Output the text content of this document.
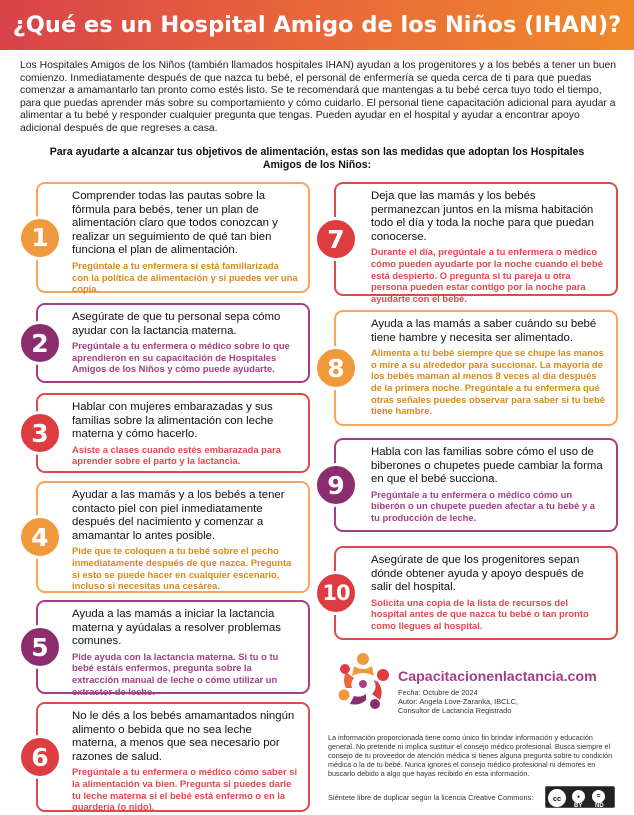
¿Qué es un Hospital Amigo de los Niños (IHAN)?

Los Hospitales Amigos de los Niños (también llamados hospitales IHAN) ayudan a los progenitores y a los bebés a tener un buen comienzo. Inmediatamente después de que nazca tu bebé, el personal de enfermería se queda cerca de ti para que puedas comenzar a amamantarlo tan pronto como estés listo. Se te recomendará que mantengas a tu bebé cerca tuyo todo el tiempo, para que puedas aprender más sobre su comportamiento y cómo cuidarlo. El personal tiene capacitación adicional para ayudar a alimentar a tu bebé y responder cualquier pregunta que tengas. Pueden ayudar en el hospital y ayudar a encontrar apoyo adicional después de que regreses a casa.

Para ayudarte a alcanzar tus objetivos de alimentación, estas son las medidas que adoptan los Hospitales Amigos de los Niños:

Comprender todas las pautas sobre la fórmula para bebés, tener un plan de alimentación claro que todos conozcan y realizar un seguimiento de qué tan bien funciona el plan de alimentación.
Pregúntale a tu enfermera si está familiarizada con la política de alimentación y si puedes ver una copia.
1
Asegúrate de que tu personal sepa cómo ayudar con la lactancia materna.
Pregúntale a tu enfermera o médico sobre lo que aprendieron en su capacitación de Hospitales Amigos de los Niños y cómo puede ayudarte.
2
Hablar con mujeres embarazadas y sus familias sobre la alimentación con leche materna y cómo hacerlo.
Asiste a clases cuando estés embarazada para aprender sobre el parto y la lactancia.
3
Ayudar a las mamás y a los bebés a tener contacto piel con piel inmediatamente después del nacimiento y comenzar a amamantar lo antes posible.
Pide que te coloquen a tu bebé sobre el pecho inmediatamente después de que nazca. Pregunta si esto se puede hacer en cualquier escenario, incluso si necesitas una cesárea.
4
Ayuda a las mamás a iniciar la lactancia materna y ayúdalas a resolver problemas comunes.
Pide ayuda con la lactancia materna. Si tu o tu bebé estáis enfermos, pregunta sobre la extracción manual de leche o cómo utilizar un extractor de leche.
5
No le dés a los bebés amamantados ningún alimento o bebida que no sea leche materna, a menos que sea necesario por razones de salud.
Pregúntale a tu enfermera o médico cómo saber si la alimentación va bien. Pregunta si puedes darle tu leche materna si el bebé está enfermo o en la guardería (o nido).
6
Deja que las mamás y los bebés permanezcan juntos en la misma habitación todo el día y toda la noche para que puedan conocerse.
Durante el día, pregúntale a tu enfermera o médico cómo pueden ayudarte por la noche cuando el bebé está despierto. O pregunta si tu pareja u otra persona pueden estar contigo por la noche para ayudarte con el bebé.
7
Ayuda a las mamás a saber cuándo su bebé tiene hambre y necesita ser alimentado.
Alimenta a tu bebé siempre que se chupe las manos o mire a su alrededor para succionar. La mayoría de los bebés maman al menos 8 veces al día después de la primera noche. Pregúntale a tu enfermera qué otras señales puedes observar para saber si tu bebé tiene hambre.
8
Habla con las familias sobre cómo el uso de biberones o chupetes puede cambiar la forma en que el bebé succiona.
Pregúntale a tu enfermera o médico cómo un biberón o un chupete pueden afectar a tu bebé y a tu producción de leche.
9
Asegúrate de que los progenitores sepan dónde obtener ayuda y apoyo después de salir del hospital.
Solicita una copia de la lista de recursos del hospital antes de que nazca tu bebé o tan pronto como llegues al hospital.
10
Capacitacionenlactancia.com
Fecha: Octubre de 2024
Autor: Angela Love-Zaranka, IBCLC,
Consultor de Lactancia Registrado

La información proporcionada tiene como único fin brindar información y educación general. No pretende ni implica sustituir el consejo médico profesional. Busca siempre el consejo de tu proveedor de atención médica si tienes alguna pregunta sobre tu condición médica o la de tu bebé. Nunca ignores el consejo médico profesional ni demores en buscarlo debido a algo que hayas recibido en esta información.

Siéntete libre de duplicar según la licencia Creative Commons:	cc	●	=
BY ND
